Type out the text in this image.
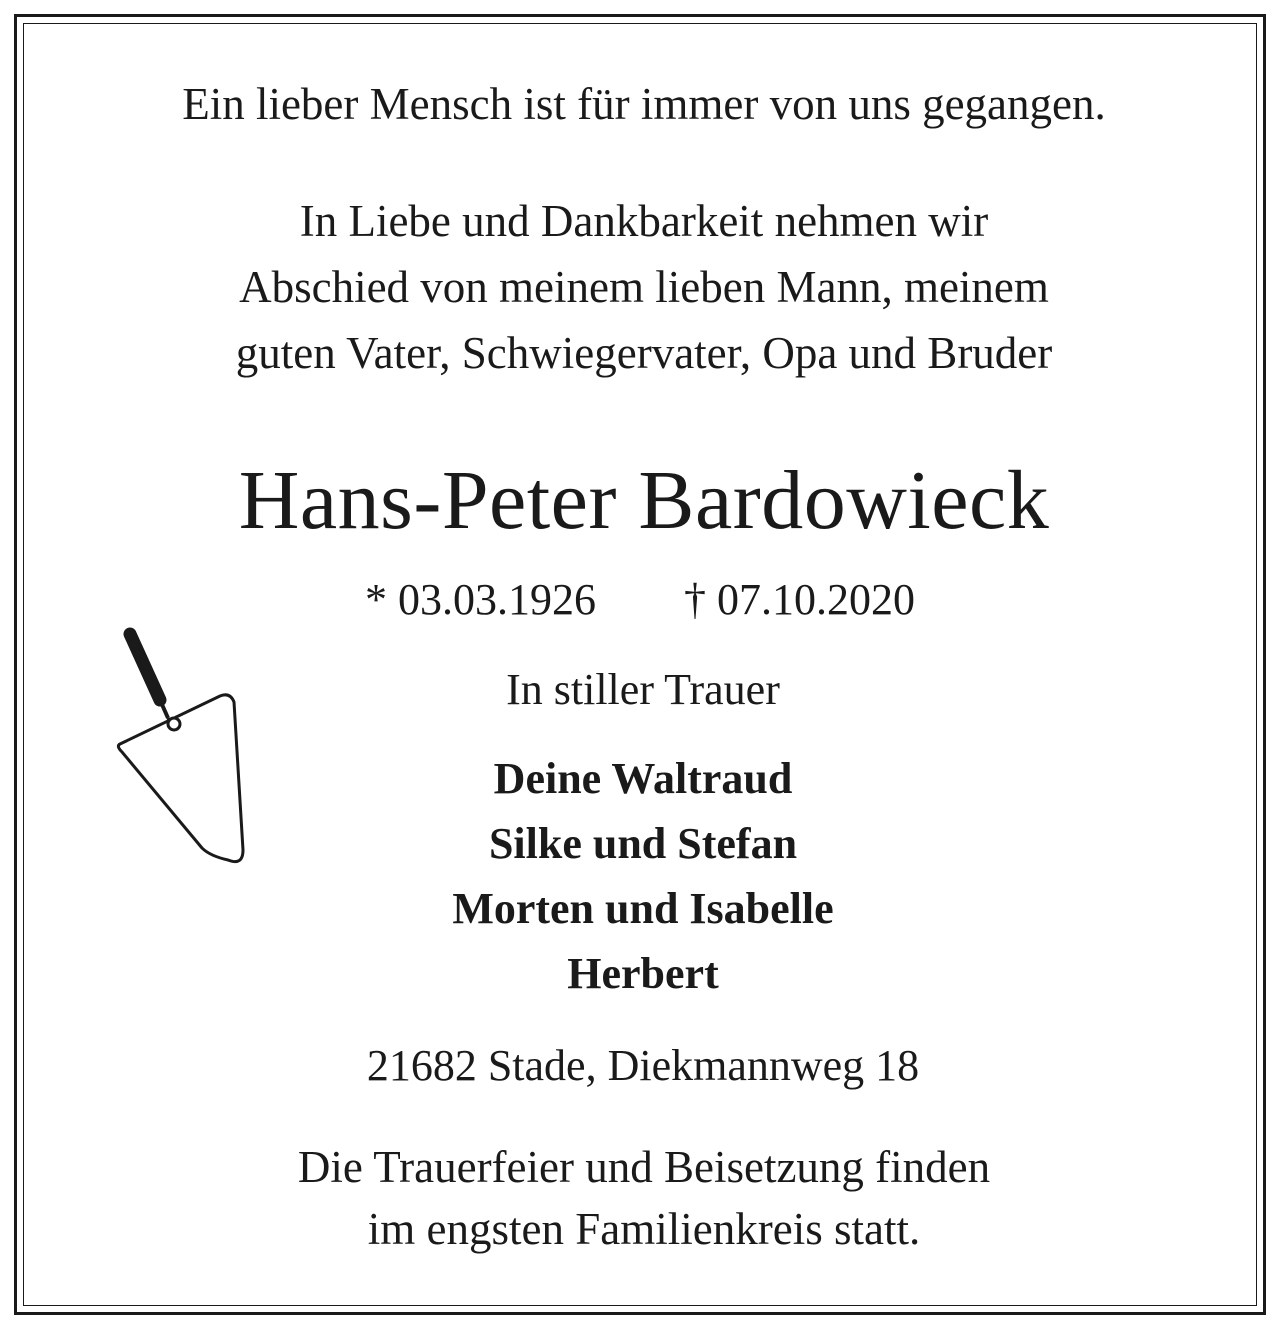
Ein lieber Mensch ist für immer von uns gegangen.
In Liebe und Dankbarkeit nehmen wir
Abschied von meinem lieben Mann, meinem
guten Vater, Schwiegervater, Opa und Bruder
Hans-Peter Bardowieck
* 03.03.1926 † 07.10.2020
In stiller Trauer
Deine Waltraud
Silke und Stefan
Morten und Isabelle
Herbert
21682 Stade, Diekmannweg 18
Die Trauerfeier und Beisetzung finden
im engsten Familienkreis statt.
